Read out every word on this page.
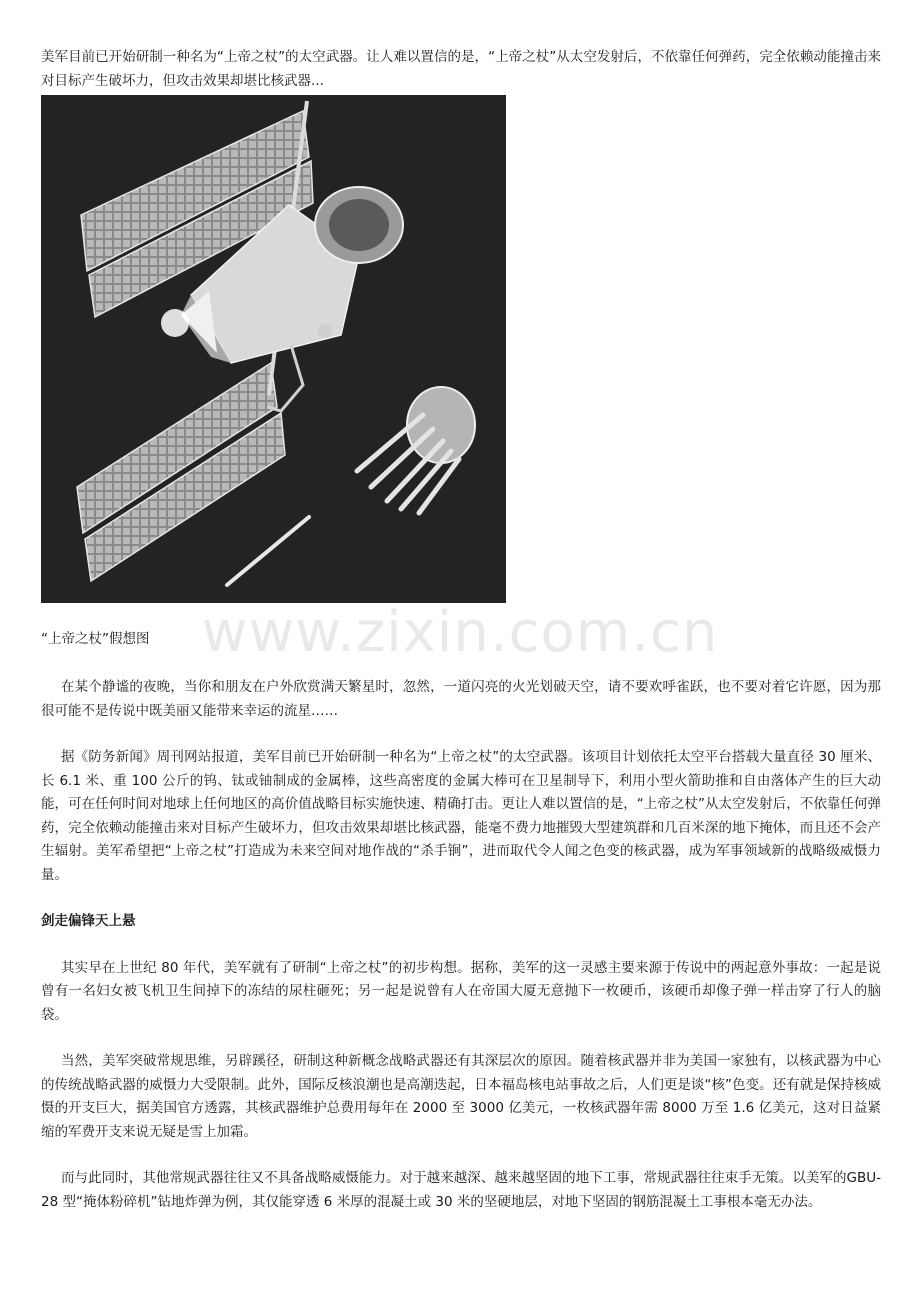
美军目前已开始研制一种名为“上帝之杖”的太空武器。让人难以置信的是，“上帝之杖”从太空发射后，不依靠任何弹药，完全依赖动能撞击来对目标产生破坏力，但攻击效果却堪比核武器...

“上帝之杖”假想图

在某个静谧的夜晚，当你和朋友在户外欣赏满天繁星时，忽然，一道闪亮的火光划破天空，请不要欢呼雀跃，也不要对着它许愿，因为那很可能不是传说中既美丽又能带来幸运的流星……

据《防务新闻》周刊网站报道，美军目前已开始研制一种名为“上帝之杖”的太空武器。该项目计划依托太空平台搭载大量直径 30 厘米、长 6.1 米、重 100 公斤的钨、钛或铀制成的金属棒，这些高密度的金属大棒可在卫星制导下，利用小型火箭助推和自由落体产生的巨大动能，可在任何时间对地球上任何地区的高价值战略目标实施快速、精确打击。更让人难以置信的是，“上帝之杖”从太空发射后，不依靠任何弹药，完全依赖动能撞击来对目标产生破坏力，但攻击效果却堪比核武器，能毫不费力地摧毁大型建筑群和几百米深的地下掩体，而且还不会产生辐射。美军希望把“上帝之杖”打造成为未来空间对地作战的“杀手锏”，进而取代令人闻之色变的核武器，成为军事领域新的战略级威慑力量。

剑走偏锋天上悬

其实早在上世纪 80 年代，美军就有了研制“上帝之杖”的初步构想。据称，美军的这一灵感主要来源于传说中的两起意外事故：一起是说曾有一名妇女被飞机卫生间掉下的冻结的尿柱砸死；另一起是说曾有人在帝国大厦无意抛下一枚硬币，该硬币却像子弹一样击穿了行人的脑袋。

当然，美军突破常规思维，另辟蹊径，研制这种新概念战略武器还有其深层次的原因。随着核武器并非为美国一家独有，以核武器为中心的传统战略武器的威慑力大受限制。此外，国际反核浪潮也是高潮迭起，日本福岛核电站事故之后，人们更是谈“核”色变。还有就是保持核威慑的开支巨大，据美国官方透露，其核武器维护总费用每年在 2000 至 3000 亿美元，一枚核武器年需 8000 万至 1.6 亿美元，这对日益紧缩的军费开支来说无疑是雪上加霜。

而与此同时，其他常规武器往往又不具备战略威慑能力。对于越来越深、越来越坚固的地下工事，常规武器往往束手无策。以美军的GBU-28 型“掩体粉碎机”钻地炸弹为例，其仅能穿透 6 米厚的混凝土或 30 米的坚硬地层，对地下坚固的钢筋混凝土工事根本毫无办法。

www.zixin.com.cn
